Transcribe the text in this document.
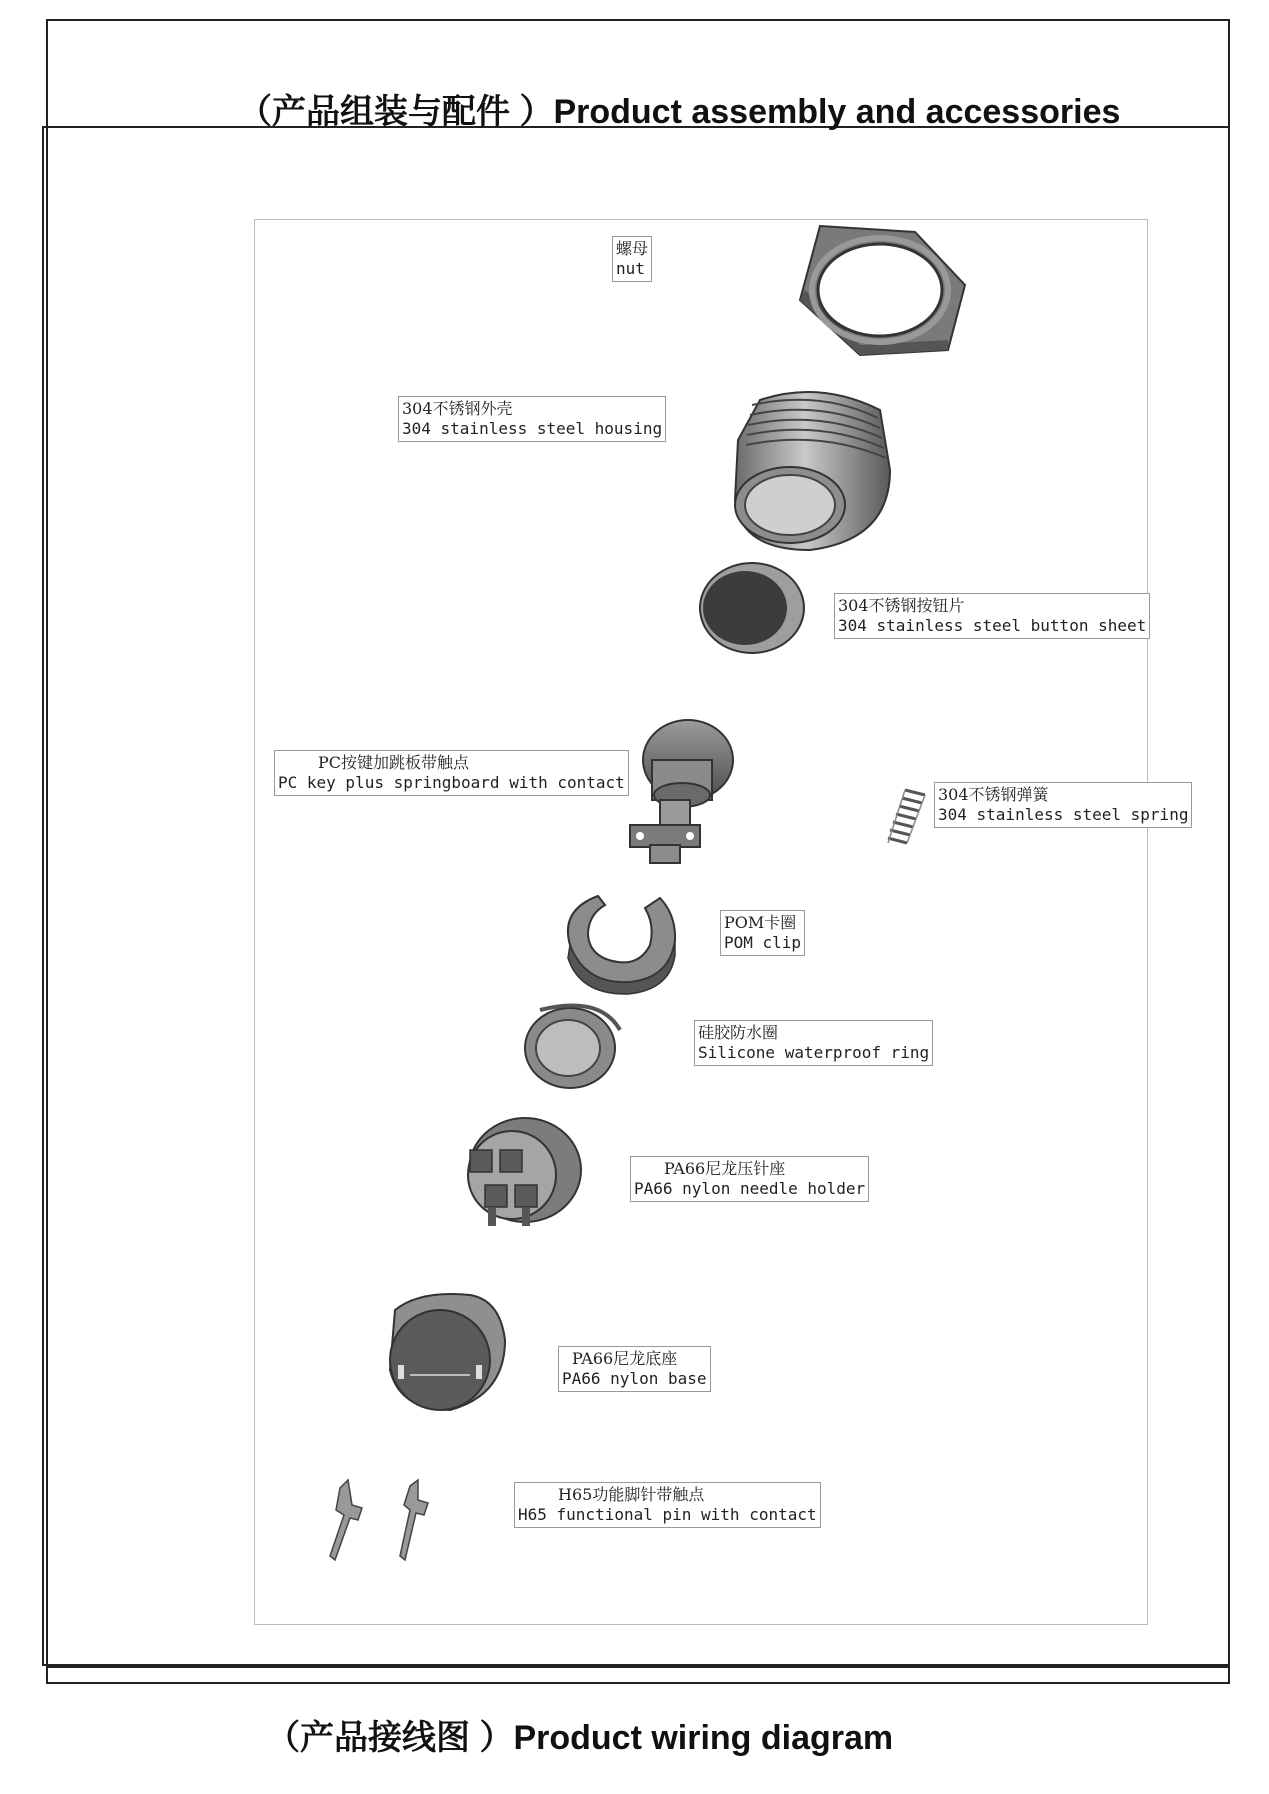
（产品组装与配件 ）Product assembly and accessories
（产品接线图 ）Product wiring diagram
螺母
nut
304不锈钢外壳
304 stainless steel housing
304不锈钢按钮片
304 stainless steel button sheet
PC按键加跳板带触点
PC key plus springboard with contact
304不锈钢弹簧
304 stainless steel spring
POM卡圈
POM clip
硅胶防水圈
Silicone waterproof ring
PA66尼龙压针座
PA66 nylon needle holder
PA66尼龙底座
PA66 nylon base
H65功能脚针带触点
H65 functional pin with contact
